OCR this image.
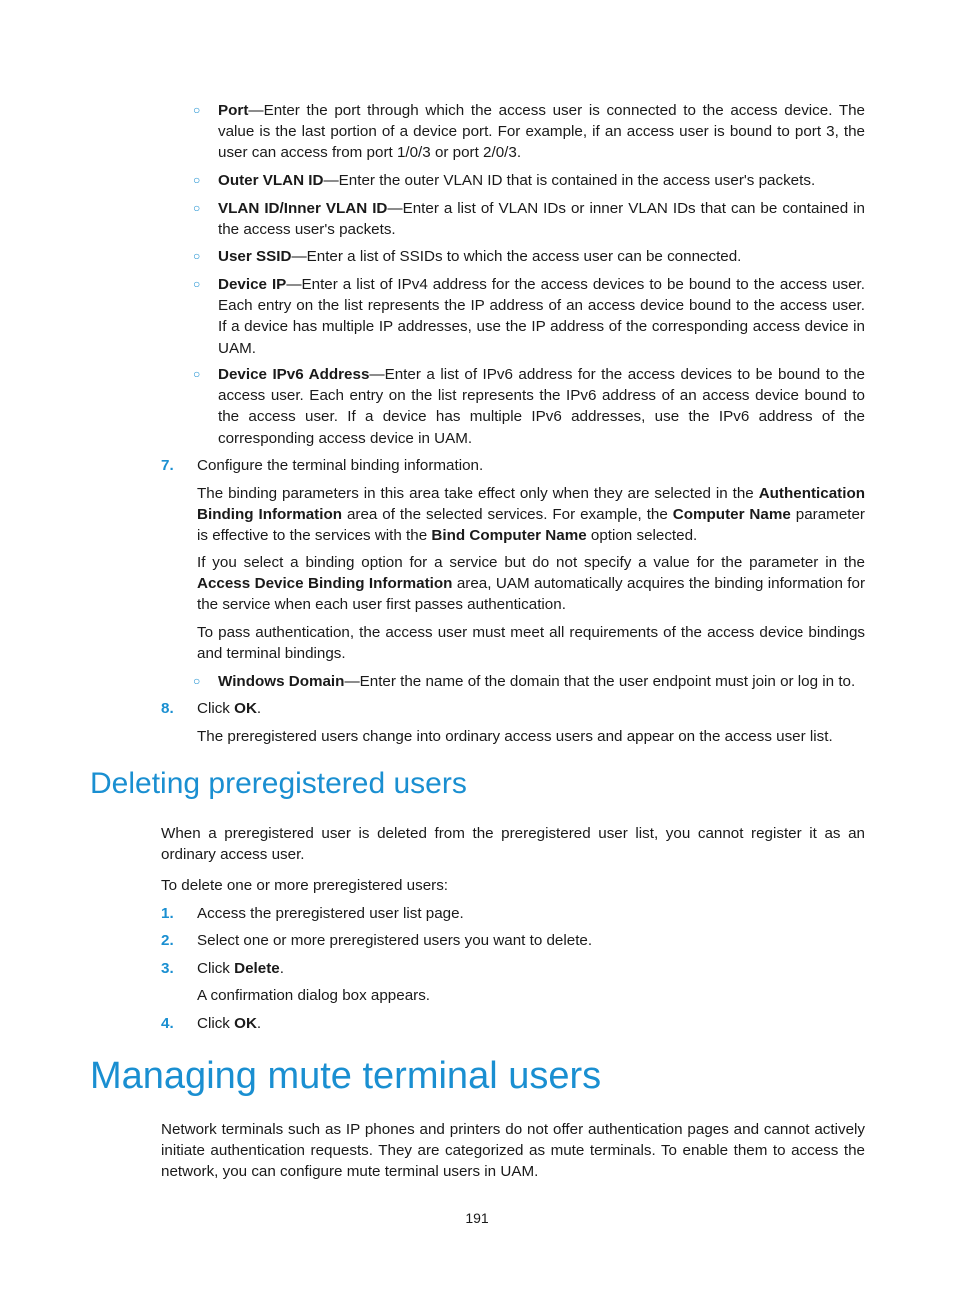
○ Port—Enter the port through which the access user is connected to the access device. The value is the last portion of a device port. For example, if an access user is bound to port 3, the user can access from port 1/0/3 or port 2/0/3.
○ Outer VLAN ID—Enter the outer VLAN ID that is contained in the access user's packets.
○ VLAN ID/Inner VLAN ID—Enter a list of VLAN IDs or inner VLAN IDs that can be contained in the access user's packets.
○ User SSID—Enter a list of SSIDs to which the access user can be connected.
○ Device IP—Enter a list of IPv4 address for the access devices to be bound to the access user. Each entry on the list represents the IP address of an access device bound to the access user. If a device has multiple IP addresses, use the IP address of the corresponding access device in UAM.
○ Device IPv6 Address—Enter a list of IPv6 address for the access devices to be bound to the access user. Each entry on the list represents the IPv6 address of an access device bound to the access user. If a device has multiple IPv6 addresses, use the IPv6 address of the corresponding access device in UAM.
7. Configure the terminal binding information.
The binding parameters in this area take effect only when they are selected in the Authentication Binding Information area of the selected services. For example, the Computer Name parameter is effective to the services with the Bind Computer Name option selected.
If you select a binding option for a service but do not specify a value for the parameter in the Access Device Binding Information area, UAM automatically acquires the binding information for the service when each user first passes authentication.
To pass authentication, the access user must meet all requirements of the access device bindings and terminal bindings.
○ Windows Domain—Enter the name of the domain that the user endpoint must join or log in to.
8. Click OK.
The preregistered users change into ordinary access users and appear on the access user list.
Deleting preregistered users
When a preregistered user is deleted from the preregistered user list, you cannot register it as an ordinary access user.
To delete one or more preregistered users:
1. Access the preregistered user list page.
2. Select one or more preregistered users you want to delete.
3. Click Delete.
A confirmation dialog box appears.
4. Click OK.
Managing mute terminal users
Network terminals such as IP phones and printers do not offer authentication pages and cannot actively initiate authentication requests. They are categorized as mute terminals. To enable them to access the network, you can configure mute terminal users in UAM.
191
